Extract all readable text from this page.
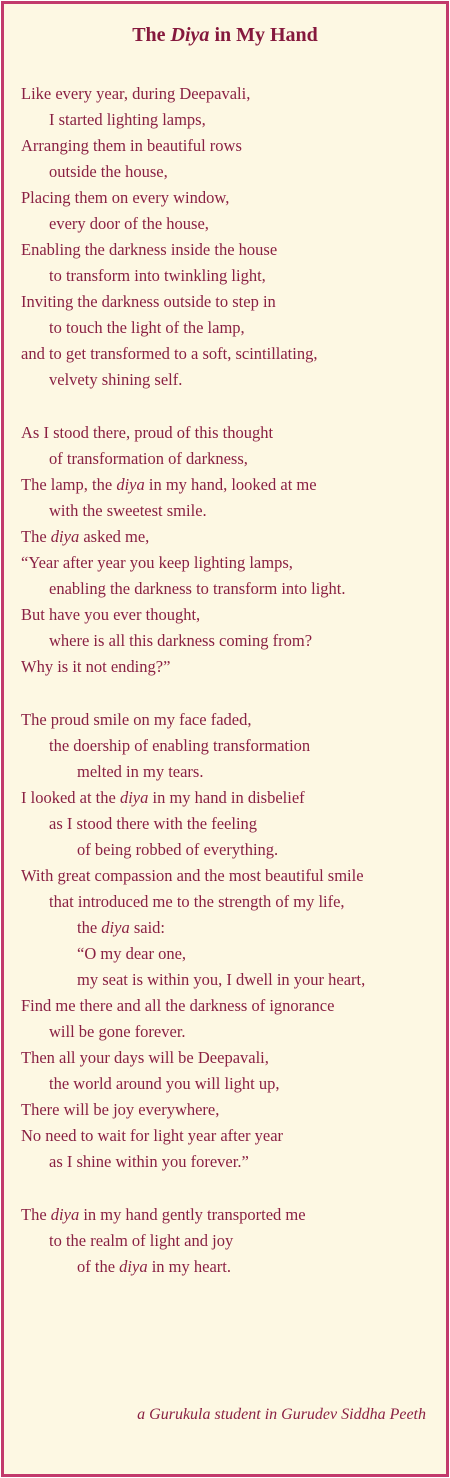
The Diya in My Hand
Like every year, during Deepavali,
I started lighting lamps,
Arranging them in beautiful rows
outside the house,
Placing them on every window,
every door of the house,
Enabling the darkness inside the house
to transform into twinkling light,
Inviting the darkness outside to step in
to touch the light of the lamp,
and to get transformed to a soft, scintillating,
velvety shining self.
As I stood there, proud of this thought
of transformation of darkness,
The lamp, the diya in my hand, looked at me
with the sweetest smile.
The diya asked me,
“Year after year you keep lighting lamps,
enabling the darkness to transform into light.
But have you ever thought,
where is all this darkness coming from?
Why is it not ending?”
The proud smile on my face faded,
the doership of enabling transformation
melted in my tears.
I looked at the diya in my hand in disbelief
as I stood there with the feeling
of being robbed of everything.
With great compassion and the most beautiful smile
that introduced me to the strength of my life,
the diya said:
“O my dear one,
my seat is within you, I dwell in your heart,
Find me there and all the darkness of ignorance
will be gone forever.
Then all your days will be Deepavali,
the world around you will light up,
There will be joy everywhere,
No need to wait for light year after year
as I shine within you forever.”
The diya in my hand gently transported me
to the realm of light and joy
of the diya in my heart.
a Gurukula student in Gurudev Siddha Peeth
